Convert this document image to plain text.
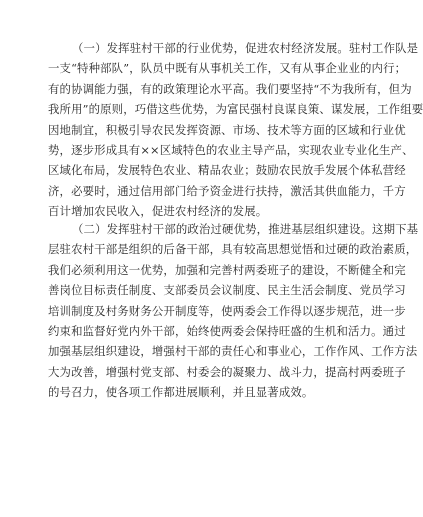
（一）发挥驻村干部的行业优势，促进农村经济发展。驻村工作队是
一支“特种部队”，队员中既有从事机关工作，又有从事企业业的内行；
有的协调能力强，有的政策理论水平高。我们要坚持“不为我所有，但为
我所用”的原则，巧借这些优势，为富民强村良谋良策、谋发展，工作组要
因地制宜，积极引导农民发挥资源、市场、技术等方面的区域和行业优
势，逐步形成具有××区域特色的农业主导产品，实现农业专业化生产、
区域化布局，发展特色农业、精品农业；鼓励农民放手发展个体私营经
济，必要时，通过信用部门给予资金进行扶持，激活其供血能力，千方
百计增加农民收入，促进农村经济的发展。
（二）发挥驻村干部的政治过硬优势，推进基层组织建设。这期下基
层驻农村干部是组织的后备干部，具有较高思想觉悟和过硬的政治素质，
我们必须利用这一优势，加强和完善村两委班子的建设，不断健全和完
善岗位目标责任制度、支部委员会议制度、民主生活会制度、党员学习
培训制度及村务财务公开制度等，使两委会工作得以逐步规范，进一步
约束和监督好党内外干部，始终使两委会保持旺盛的生机和活力。通过
加强基层组织建设，增强村干部的责任心和事业心，工作作风、工作方法
大为改善，增强村党支部、村委会的凝聚力、战斗力，提高村两委班子
的号召力，使各项工作都进展顺利，并且显著成效。
